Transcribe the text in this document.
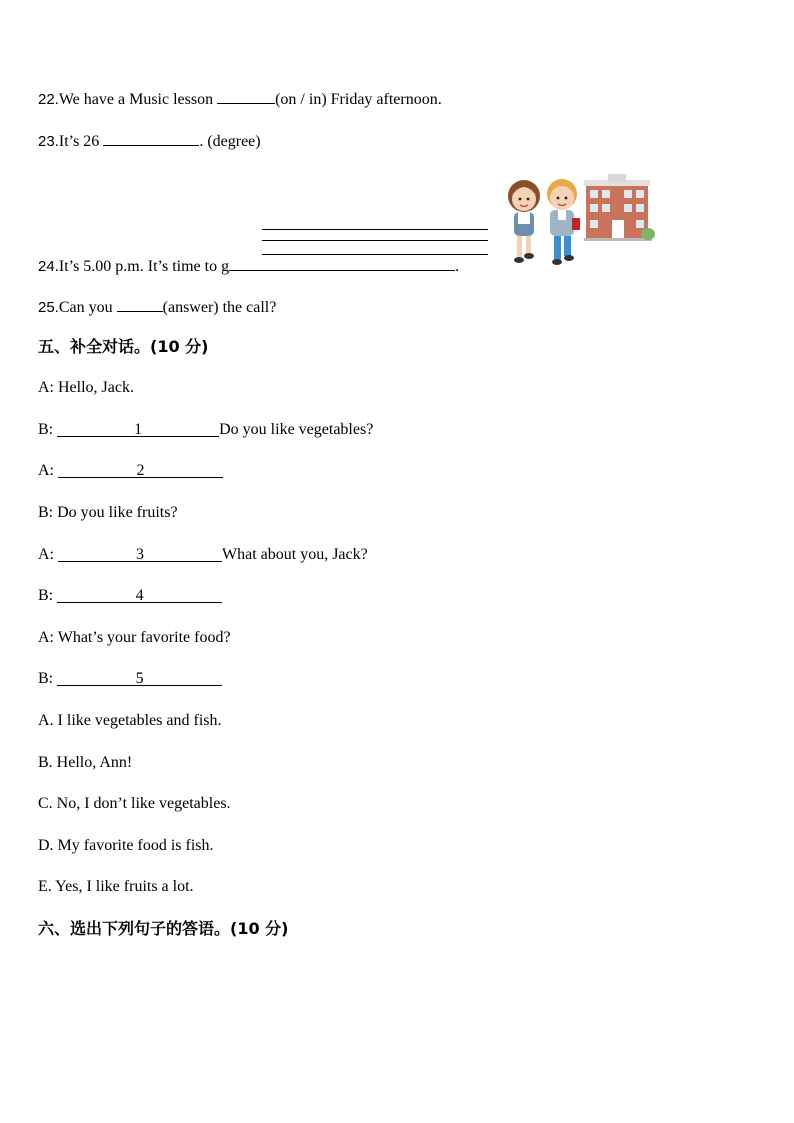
22.We have a Music lesson	(on / in) Friday afternoon.
23.It’s 26	. (degree)
24.It’s 5.00 p.m. It’s time to g	.
25.Can you	(answer) the call?
五、补全对话。(10 分)
A: Hello, Jack.
B:	1	Do you like vegetables?
A:	2
B: Do you like fruits?
A:	3	What about you, Jack?
B:	4
A: What’s your favorite food?
B:	5
A. I like vegetables and fish.
B. Hello, Ann!
C. No, I don’t like vegetables.
D. My favorite food is fish.
E. Yes, I like fruits a lot.
六、选出下列句子的答语。(10 分)
